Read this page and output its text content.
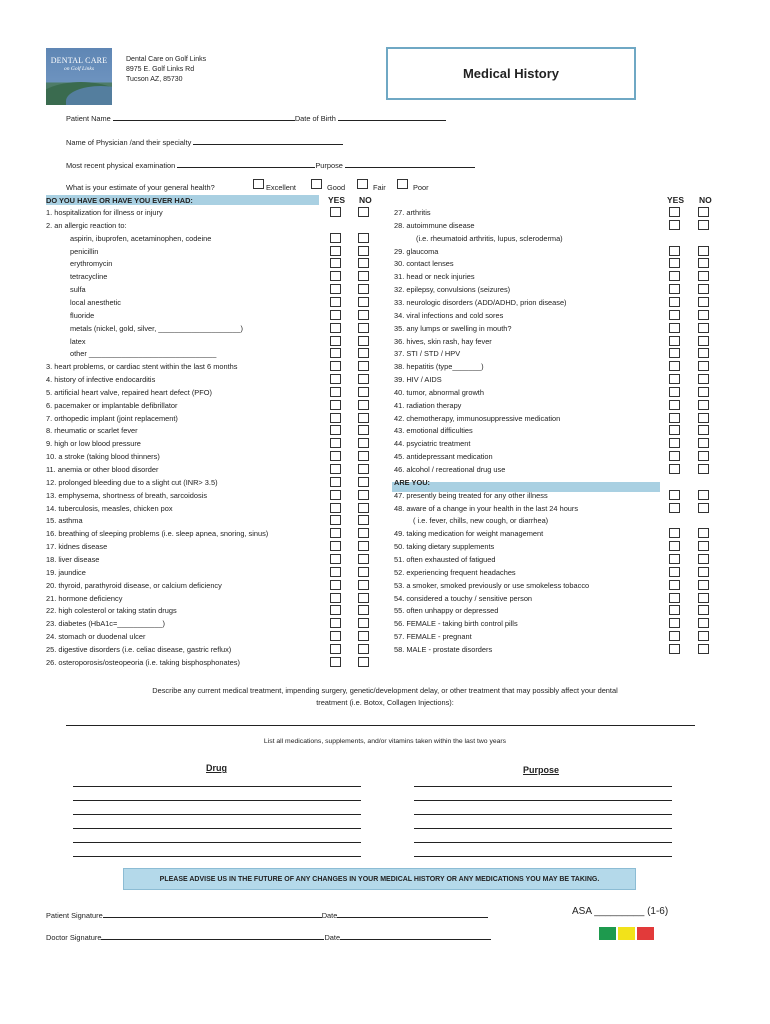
DENTAL CARE
on Golf Links
Dental Care on Golf Links
8975 E. Golf Links Rd
Tucson AZ, 85730	Medical History
Patient Name	Date of Birth
Name of Physician /and their specialty
Most recent physical examination	Purpose
What is your estimate of your general health?	Excellent	Good	Fair	Poor
DO YOU HAVE OR HAVE YOU EVER HAD:	YES NO	YES NO
1. hospitalization for illness or injury
2. an allergic reaction to:
aspirin, ibuprofen, acetaminophen, codeine
penicillin
erythromycin
tetracycline
sulfa
local anesthetic
fluoride
metals (nickel, gold, silver, ____________________)
latex
other _______________________________
3. heart problems, or cardiac stent within the last 6 months
4. history of infective endocarditis
5. artificial heart valve, repaired heart defect (PFO)
6. pacemaker or implantable defibrillator
7. orthopedic implant (joint replacement)
8. rheumatic or scarlet fever
9. high or low blood pressure
10. a stroke (taking blood thinners)
11. anemia or other blood disorder
12. prolonged bleeding due to a slight cut (INR> 3.5)
13. emphysema, shortness of breath, sarcoidosis
14. tuberculosis, measles, chicken pox
15. asthma
16. breathing of sleeping problems (i.e. sleep apnea, snoring, sinus)
17. kidnes disease
18. liver disease
19. jaundice
20. thyroid, parathyroid disease, or calcium deficiency
21. hormone deficiency
22. high colesterol or taking statin drugs
23. diabetes (HbA1c=___________)
24. stomach or duodenal ulcer
25. digestive disorders (i.e. celiac disease, gastric reflux)
26. osteroporosis/osteopeoria (i.e. taking bisphosphonates)
27. arthritis
28. autoimmune disease
(i.e. rheumatoid arthritis, lupus, scleroderma)
29. glaucoma
30. contact lenses
31. head or neck injuries
32. epilepsy, convulsions (seizures)
33. neurologic disorders (ADD/ADHD, prion disease)
34. viral infections and cold sores
35. any lumps or swelling in mouth?
36. hives, skin rash, hay fever
37. STI / STD / HPV
38. hepatitis (type_______)
39. HIV / AIDS
40. tumor, abnormal growth
41. radiation therapy
42. chemotherapy, immunosuppressive medication
43. emotional difficulties
44. psyciatric treatment
45. antidepressant medication
46. alcohol / recreational drug use
ARE YOU:
47. presently being treated for any other illness
48. aware of a change in your health in the last 24 hours
( i.e. fever, chills, new cough, or diarrhea)
49. taking medication for weight management
50. taking dietary supplements
51. often exhausted of fatigued
52. experiencing frequent headaches
53. a smoker, smoked previously or use smokeless tobacco
54. considered a touchy / sensitive person
55. often unhappy or depressed
56. FEMALE - taking birth control pills
57. FEMALE - pregnant
58. MALE - prostate disorders
Describe any current medical treatment, impending surgery, genetic/development delay, or other treatment that may possibly affect your dental
treatment (i.e. Botox, Collagen Injections):
List all medications, supplements, and/or vitamins taken within the last two years
Drug	Purpose
PLEASE ADVISE US IN THE FUTURE OF ANY CHANGES IN YOUR MEDICAL HISTORY OR ANY MEDICATIONS YOU MAY BE TAKING.
Patient Signature	Date
Doctor Signature	Date
ASA _________ (1-6)
